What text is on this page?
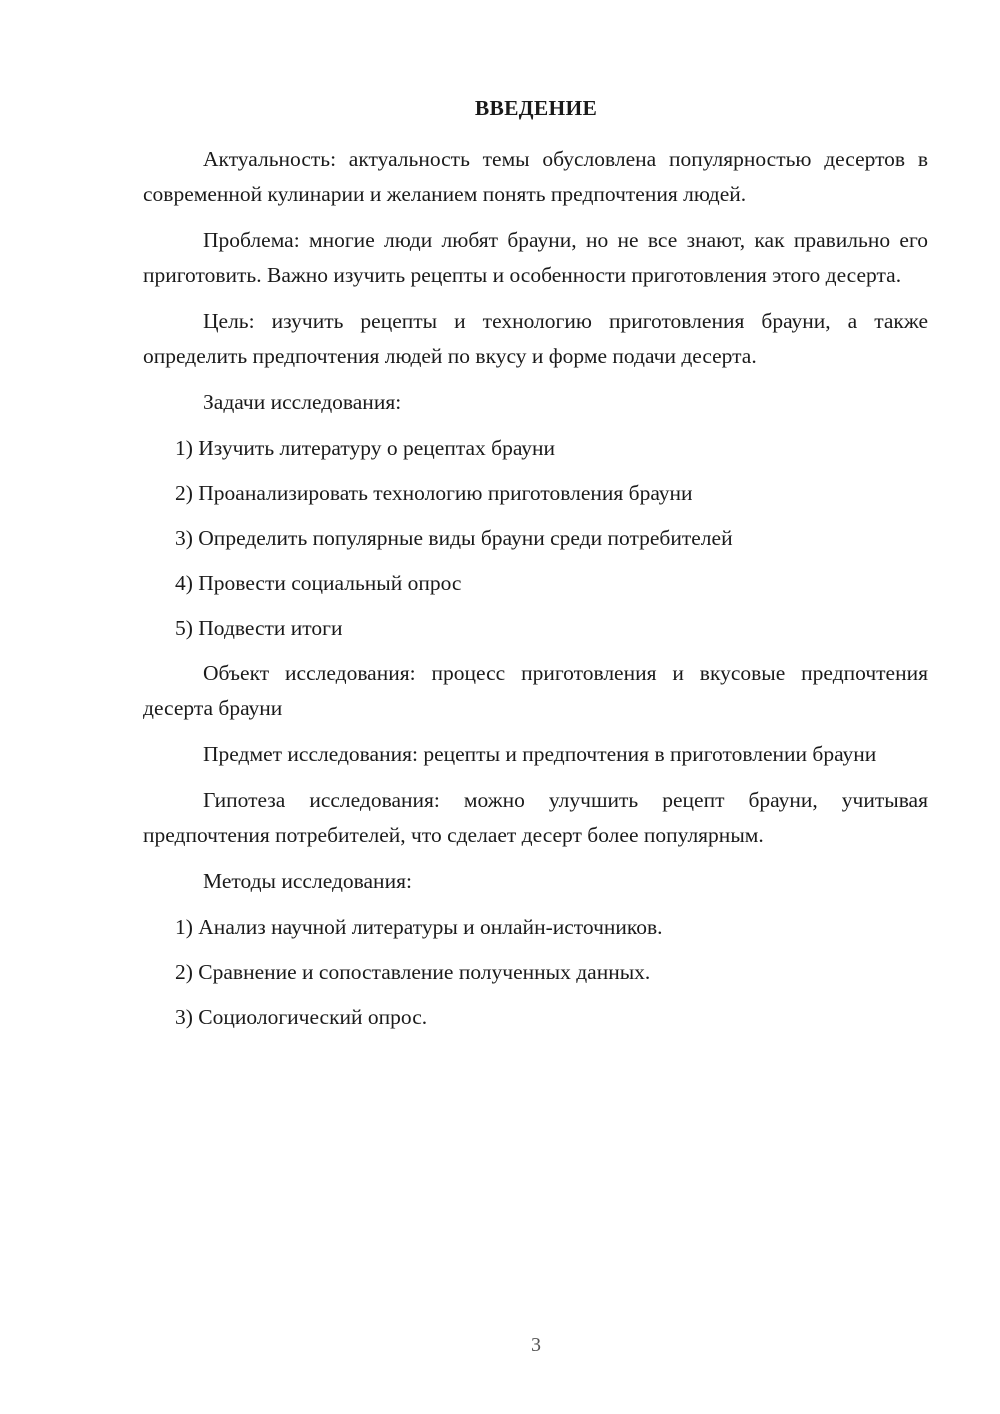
ВВЕДЕНИЕ

Актуальность: актуальность темы обусловлена популярностью десертов в современной кулинарии и желанием понять предпочтения людей.

Проблема: многие люди любят брауни, но не все знают, как правильно его приготовить. Важно изучить рецепты и особенности приготовления этого десерта.

Цель: изучить рецепты и технологию приготовления брауни, а также определить предпочтения людей по вкусу и форме подачи десерта.

Задачи исследования:

1) Изучить литературу о рецептах брауни
2) Проанализировать технологию приготовления брауни
3) Определить популярные виды брауни среди потребителей
4) Провести социальный опрос
5) Подвести итоги

Объект исследования: процесс приготовления и вкусовые предпочтения десерта брауни

Предмет исследования: рецепты и предпочтения в приготовлении брауни

Гипотеза исследования: можно улучшить рецепт брауни, учитывая предпочтения потребителей, что сделает десерт более популярным.

Методы исследования:

1) Анализ научной литературы и онлайн-источников.
2) Сравнение и сопоставление полученных данных.
3) Социологический опрос.
3
